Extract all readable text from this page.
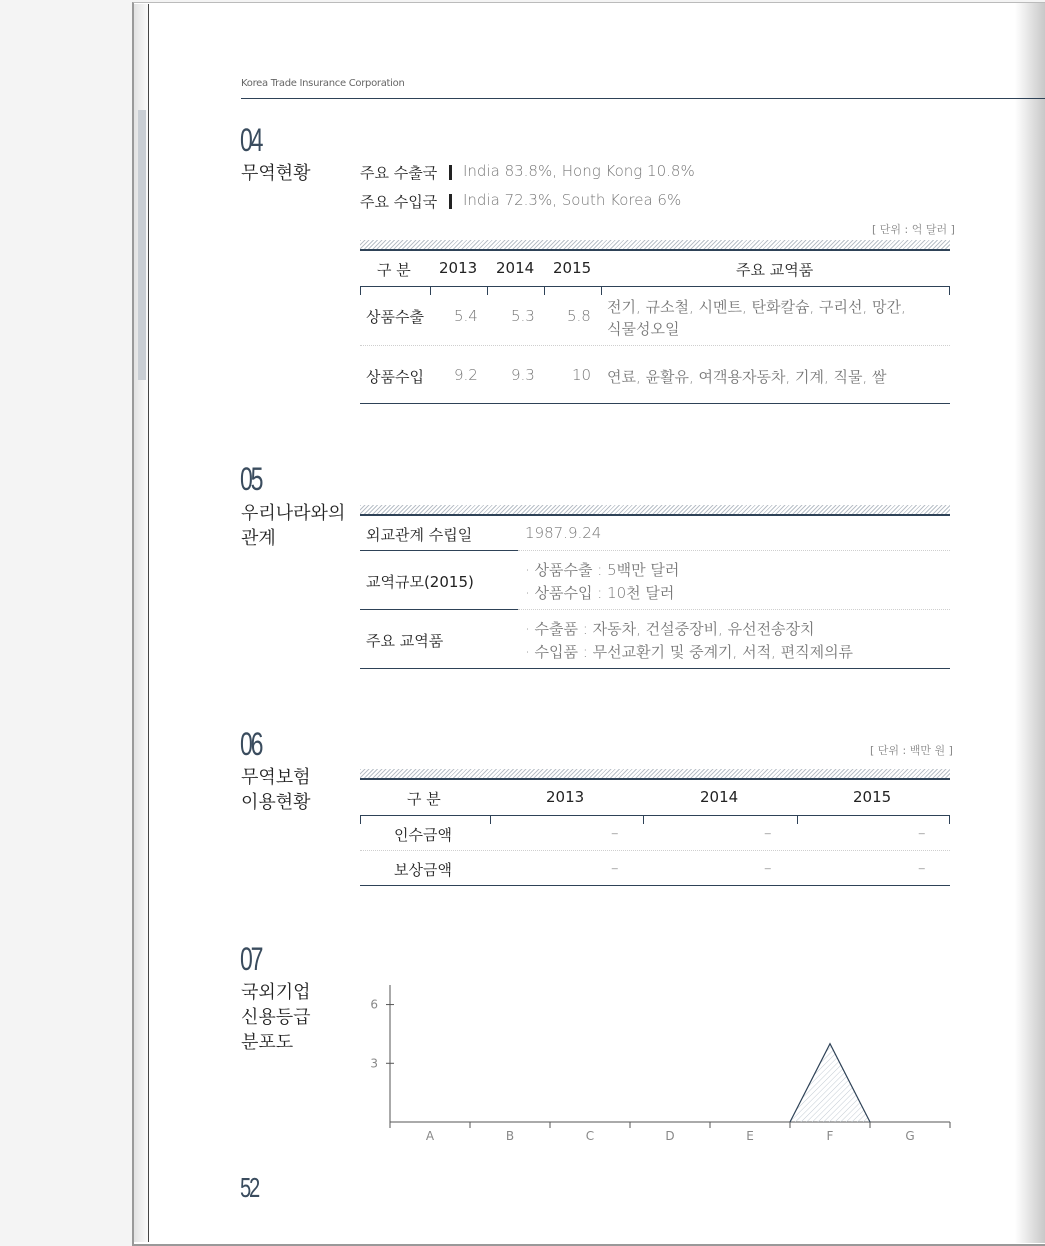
Korea Trade Insurance Corporation
04
무역현황	주요 수출국 India 83.8%, Hong Kong 10.8%
주요 수입국 India 72.3%, South Korea 6%
[ 단위 : 억 달러 ]
구 분 2013 2014 2015	주요 교역품
상품수출 5.4 5.3 5.8 전기, 규소철, 시멘트, 탄화칼슘, 구리선, 망간,
식물성오일
상품수입 9.2 9.3 10 연료, 윤활유, 여객용자동차, 기계, 직물, 쌀
05
우리나라와의
관계	외교관계 수립일	1987.9.24
교역규모(2015)
· 상품수출 : 5백만 달러
· 상품수입 : 10천 달러
주요 교역품
· 수출품 : 자동차, 건설중장비, 유선전송장치
· 수입품 : 무선교환기 및 중계기, 서적, 편직제의류
06
무역보험
이용현황
[ 단위 : 백만 원 ]
구 분	2013	2014	2015
인수금액	–	–	–
보상금액	–	–	–
07
국외기업
신용등급
분포도
3
6
A	B	C	D	E	F	G
52
